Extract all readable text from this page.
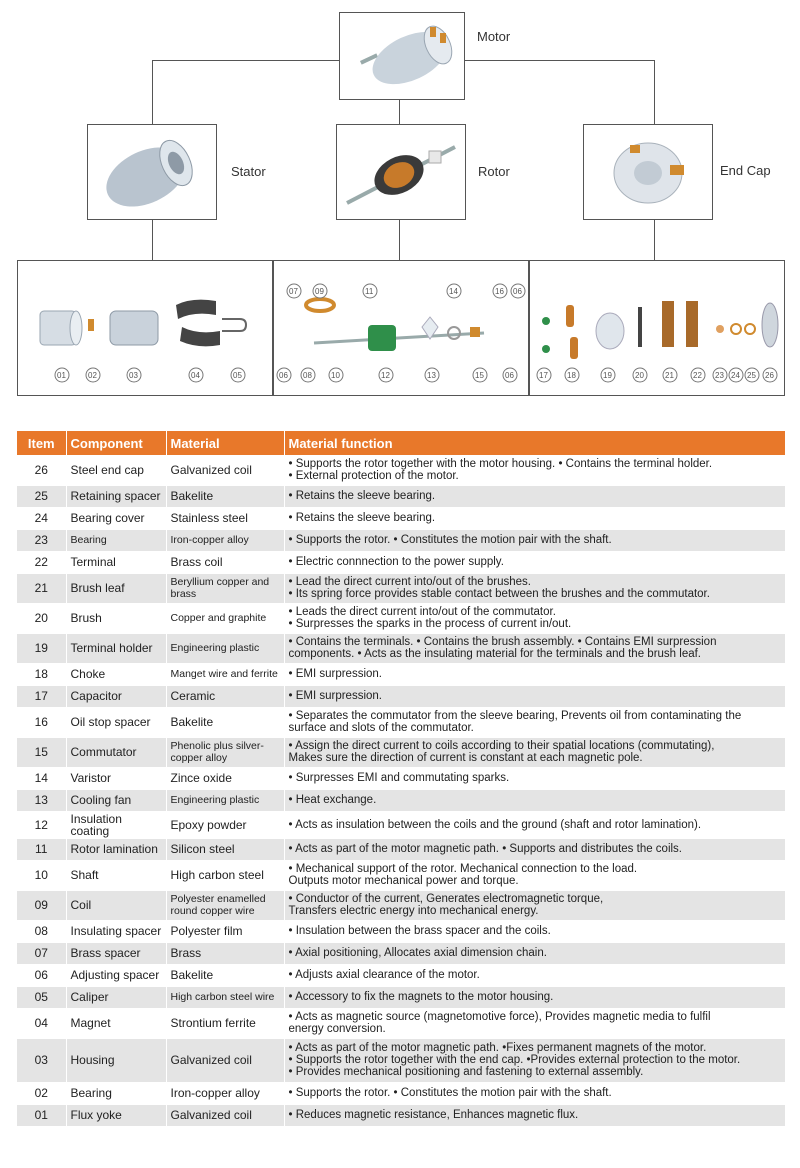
Motor
Stator	Rotor	End Cap
01	02	03	04	05
07 09	11	14	16 06
06 08 10	12	13	15	06	17 18	19	20	21 22 23 24 25 26
Item	Component	Material	Material function
26	Steel end cap	Galvanized coil	• Supports the rotor together with the motor housing. • Contains the terminal holder.
• External protection of the motor.

25	Retaining spacer	Bakelite	• Retains the sleeve bearing.

24	Bearing cover	Stainless steel	• Retains the sleeve bearing.

23	Bearing	Iron-copper alloy	• Supports the rotor. • Constitutes the motion pair with the shaft.

22	Terminal	Brass coil	• Electric connnection to the power supply.

21	Brush leaf	Beryllium copper and brass	• Lead the direct current into/out of the brushes.
• Its spring force provides stable contact between the brushes and the commutator.

20	Brush	Copper and graphite	• Leads the direct current into/out of the commutator.
• Surpresses the sparks in the process of current in/out.

19	Terminal holder	Engineering plastic	• Contains the terminals. • Contains the brush assembly. • Contains EMI surpression
components. • Acts as the insulating material for the terminals and the brush leaf.

18	Choke	Manget wire and ferrite	• EMI surpression.

17	Capacitor	Ceramic	• EMI surpression.

16	Oil stop spacer	Bakelite	• Separates the commutator from the sleeve bearing, Prevents oil from contaminating the
surface and slots of the commutator.

15	Commutator	Phenolic plus silver-copper alloy	• Assign the direct current to coils according to their spatial locations (commutating),
Makes sure the direction of current is constant at each magnetic pole.

14	Varistor	Zince oxide	• Surpresses EMI and commutating sparks.

13	Cooling fan	Engineering plastic	• Heat exchange.

12	Insulation coating	Epoxy powder	• Acts as insulation between the coils and the ground (shaft and rotor lamination).

11	Rotor lamination	Silicon steel	• Acts as part of the motor magnetic path. • Supports and distributes the coils.

10	Shaft	High carbon steel	• Mechanical support of the rotor. Mechanical connection to the load.
Outputs motor mechanical power and torque.

09	Coil	Polyester enamelled round copper wire	• Conductor of the current, Generates electromagnetic torque,
Transfers electric energy into mechanical energy.

08	Insulating spacer	Polyester film	• Insulation between the brass spacer and the coils.

07	Brass spacer	Brass	• Axial positioning, Allocates axial dimension chain.

06	Adjusting spacer	Bakelite	• Adjusts axial clearance of the motor.

05	Caliper	High carbon steel wire	• Accessory to fix the magnets to the motor housing.

04	Magnet	Strontium ferrite	• Acts as magnetic source (magnetomotive force), Provides magnetic media to fulfil
energy conversion.

03	Housing	Galvanized coil	• Acts as part of the motor magnetic path. •Fixes permanent magnets of the motor.
• Supports the rotor together with the end cap. •Provides external protection to the motor.
• Provides mechanical positioning and fastening to external assembly.

02	Bearing	Iron-copper alloy	• Supports the rotor. • Constitutes the motion pair with the shaft.

01	Flux yoke	Galvanized coil	• Reduces magnetic resistance, Enhances magnetic flux.
